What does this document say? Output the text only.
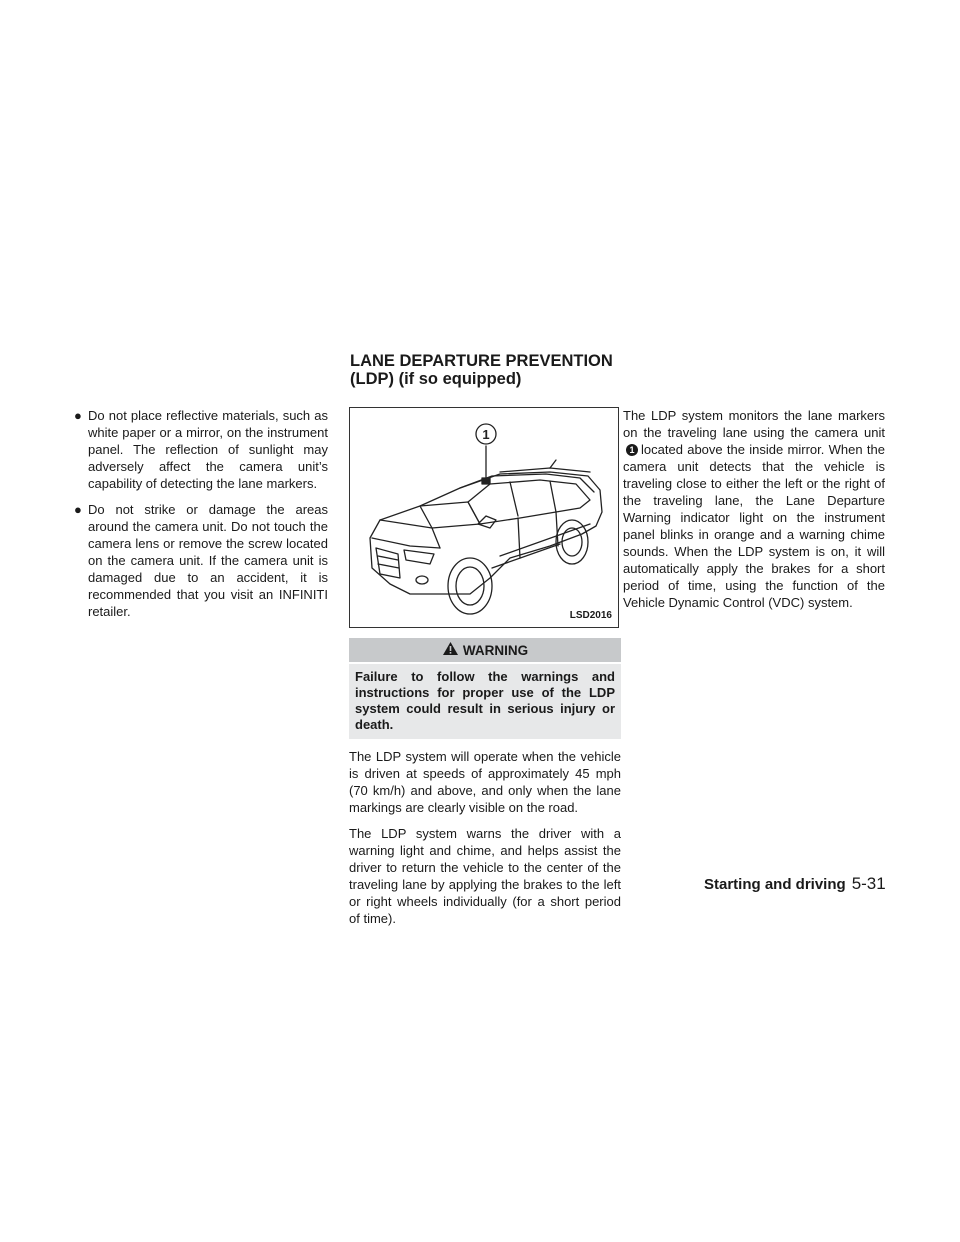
LANE DEPARTURE PREVENTION
(LDP) (if so equipped)
● Do not place reflective materials, such as white paper or a mirror, on the instrument panel. The reflection of sunlight may adversely affect the camera unit’s capability of detecting the lane markers.
● Do not strike or damage the areas around the camera unit. Do not touch the camera lens or remove the screw located on the camera unit. If the camera unit is damaged due to an accident, it is recommended that you visit an INFINITI retailer.
1
LSD2016
WARNING
Failure to follow the warnings and instructions for proper use of the LDP system could result in serious injury or death.

The LDP system will operate when the vehicle is driven at speeds of approximately 45 mph (70 km/h) and above, and only when the lane markings are clearly visible on the road.

The LDP system warns the driver with a warning light and chime, and helps assist the driver to return the vehicle to the center of the traveling lane by applying the brakes to the left or right wheels individually (for a short period of time).

The LDP system monitors the lane markers on the traveling lane using the camera unit1 located above the inside mirror. When the camera unit detects that the vehicle is traveling close to either the left or the right of the traveling lane, the Lane Departure Warning indicator light on the instrument panel blinks in orange and a warning chime sounds. When the LDP system is on, it will automatically apply the brakes for a short period of time, using the function of the Vehicle Dynamic Control (VDC) system.

Starting and driving 5-31
